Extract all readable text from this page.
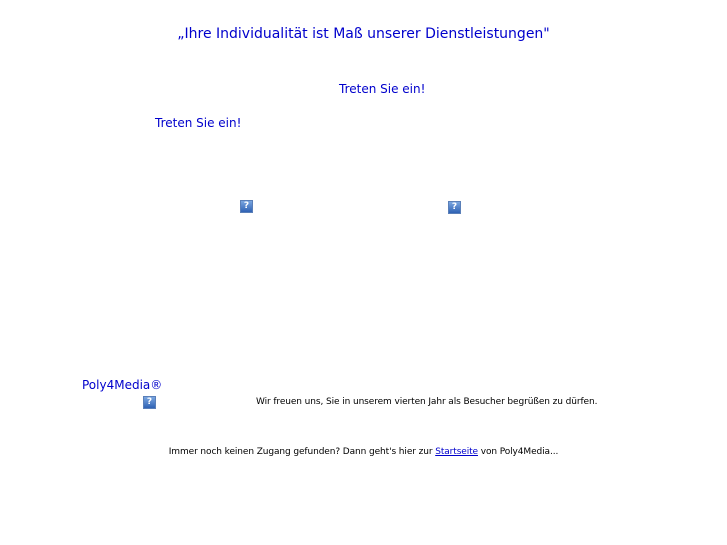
„Ihre Individualität ist Maß unserer Dienstleistungen"
Treten Sie ein!
Treten Sie ein!
?	?
Poly4Media®
?	Wir freuen uns, Sie in unserem vierten Jahr als Besucher begrüßen zu dürfen.
Immer noch keinen Zugang gefunden? Dann geht's hier zur Startseite von Poly4Media...
